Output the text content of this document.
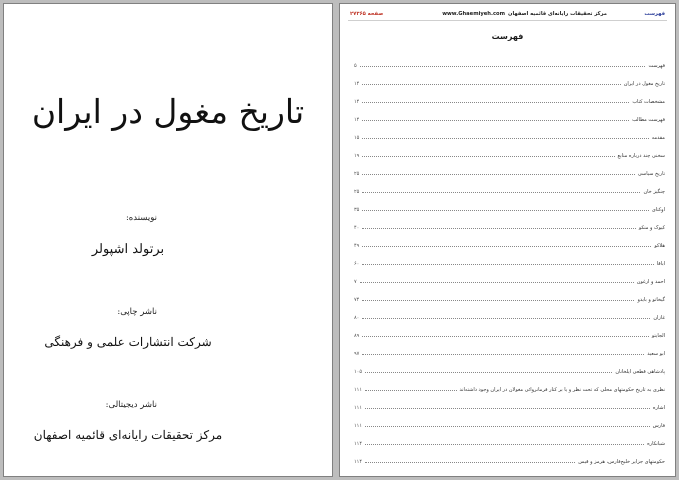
تاریخ مغول در ایران
نویسنده:
برتولد اشپولر
ناشر چاپی:
شرکت انتشارات علمی و فرهنگی
ناشر دیجیتالی:
مرکز تحقیقات رایانه‌ای قائمیه اصفهان
فهرست
مرکز تحقیقات رایانه‌ای قائمیه اصفهان
www.Ghaemiyeh.com
صفحه ۲۷۳۶۵
فهرست
فهرست
۵
تاریخ مغول در ایران
۱۴
مشخصات کتاب
۱۴
فهرست مطالب
۱۴
مقدمه
۱۵
سخنی چند درباره منابع
۱۹
تاریخ سیاسی
۲۵
چنگیز خان
۲۵
اوکتای
۳۵
کیوک و منکو
۴۰
هلاکو
۴۹
اباقا
۶۰
احمد و ارغون
۷
گیخاتو و بایدو
۷۴
غازان
۸۰
الجایتو
۸۹
ابو سعید
۹۷
پادشاهی قطعی ایلخانان
۱۰۵
نظری به تاریخ حکومتهای محلی که تحت نظر و یا بر کنار فرمانروائی مغولان در ایران وجود داشته‌اند
۱۱۱
اشاره
۱۱۱
فارس
۱۱۱
شبانکاره
۱۱۴
حکومتهای جزایر خلیج‌فارس، هرمز و قیس
۱۱۴
